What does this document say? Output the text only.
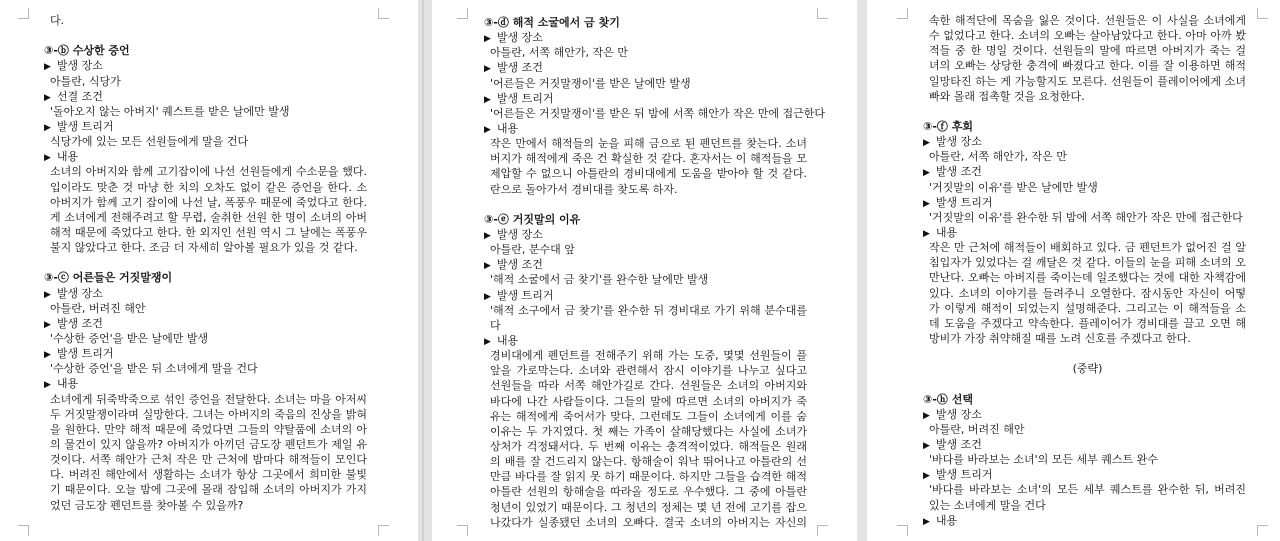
다.
③-ⓑ 수상한 증언
▶ 발생 장소
아틀란, 식당가
▶ 선결 조건
'돌아오지 않는 아버지' 퀘스트를 받은 날에만 발생
▶ 발생 트리거
식당가에 있는 모든 선원들에게 말을 건다
▶ 내용
소녀의 아버지와 함께 고기잡이에 나선 선원들에게 수소문을 했다.
입이라도 맞춘 것 마냥 한 치의 오차도 없이 같은 증언을 한다. 소
아버지가 함께 고기 잡이에 나선 날, 폭풍우 때문에 죽었다고 한다.
게 소녀에게 전해주려고 할 무렵, 술취한 선원 한 명이 소녀의 아버
해적 때문에 죽었다고 한다. 한 외지인 선원 역시 그 날에는 폭풍우
불지 않았다고 한다. 조금 더 자세히 알아볼 필요가 있을 것 같다.
③-ⓒ 어른들은 거짓말쟁이
▶ 발생 장소
아틀란, 버려진 해안
▶ 발생 조건
'수상한 증언'을 받은 날에만 발생
▶ 발생 트리거
'수상한 증언'을 받은 뒤 소녀에게 말을 건다
▶ 내용
소녀에게 뒤죽박죽으로 섞인 증언을 전달한다. 소녀는 마을 아저씨
두 거짓말쟁이라며 실망한다. 그녀는 아버지의 죽음의 진상을 밝혀
을 원한다. 만약 해적 때문에 죽었다면 그들의 약탈품에 소녀의 아
의 물건이 있지 않을까? 아버지가 아끼던 금도장 펜던트가 제일 유
것이다. 서쪽 해안가 근처 작은 만 근처에 밤마다 해적들이 모인다
다. 버려진 해안에서 생활하는 소녀가 항상 그곳에서 희미한 불빛
기 때문이다. 오늘 밤에 그곳에 몰래 잠입해 소녀의 아버지가 가지
었던 금도장 펜던트를 찾아볼 수 있을까?
③-ⓓ 해적 소굴에서 금 찾기
▶ 발생 장소
아틀란, 서쪽 해안가, 작은 만
▶ 발생 조건
'어른들은 거짓말쟁이'를 받은 날에만 발생
▶ 발생 트리거
'어른들은 거짓말쟁이'를 받은 뒤 밤에 서쪽 해안가 작은 만에 접근한다
▶ 내용
작은 만에서 해적들의 눈을 피해 금으로 된 펜던트를 찾는다. 소녀
버지가 해적에게 죽은 건 확실한 것 같다. 혼자서는 이 해적들을 모
제압할 수 없으니 아틀란의 경비대에게 도움을 받아야 할 것 같다.
란으로 돌아가서 경비대를 찾도록 하자.
③-ⓔ 거짓말의 이유
▶ 발생 장소
아틀란, 분수대 앞
▶ 발생 조건
'해적 소굴에서 금 찾기'를 완수한 날에만 발생
▶ 발생 트리거
'해적 소구에서 금 찾기'를 완수한 뒤 경비대로 가기 위해 분수대를
다
▶ 내용
경비대에게 펜던트를 전해주기 위해 가는 도중, 몇몇 선원들이 플
앞을 가로막는다. 소녀와 관련해서 잠시 이야기를 나누고 싶다고
선원들을 따라 서쪽 해안가길로 간다. 선원들은 소녀의 아버지와
바다에 나간 사람들이다. 그들의 말에 따르면 소녀의 아버지가 죽
유는 해적에게 죽어서가 맞다. 그런데도 그들이 소녀에게 이를 숨
이유는 두 가지였다. 첫 째는 가족이 살해당했다는 사실에 소녀가
상처가 걱정돼서다. 두 번째 이유는 충격적이었다. 해적들은 원래
의 배를 잘 건드리지 않는다. 항해술이 워낙 뛰어나고 아틀란의 선
만큼 바다를 잘 읽지 못 하기 때문이다. 하지만 그들을 습격한 해적
아틀란 선원의 항해술을 따라올 정도로 우수했다. 그 중에 아틀란
청년이 있었기 때문이다. 그 청년의 정체는 몇 년 전에 고기를 잡으
나갔다가 실종됐던 소녀의 오빠다. 결국 소녀의 아버지는 자신의
속한 해적단에 목숨을 잃은 것이다. 선원들은 이 사실을 소녀에게
수 없었다고 한다. 소녀의 오빠는 살아남았다고 한다. 아마 아까 봤
적들 중 한 명일 것이다. 선원들의 말에 따르면 아버지가 죽는 걸
녀의 오빠는 상당한 충격에 빠졌다고 한다. 이를 잘 이용하면 해적
일망타진 하는 게 가능할지도 모른다. 선원들이 플레이어에게 소녀
빠와 몰래 접촉할 것을 요청한다.
③-ⓕ 후회
▶ 발생 장소
아틀란, 서쪽 해안가, 작은 만
▶ 발생 조건
'거짓말의 이유'를 받은 날에만 발생
▶ 발생 트리거
'거짓말의 이유'를 완수한 뒤 밤에 서쪽 해안가 작은 만에 접근한다
▶ 내용
작은 만 근처에 해적들이 배회하고 있다. 금 펜던트가 없어진 걸 알
침입자가 있었다는 걸 깨달은 것 같다. 이들의 눈을 피해 소녀의 오
만난다. 오빠는 아버지를 죽이는데 일조했다는 것에 대한 자책감에
있다. 소녀의 이야기를 들려주니 오열한다. 잠시동안 자신이 어떻
가 이렇게 해적이 되었는지 설명해준다. 그리고는 이 해적들을 소
데 도움을 주겠다고 약속한다. 플레이어가 경비대를 끌고 오면 해
방비가 가장 취약해질 때를 노려 신호를 주겠다고 한다.
(중략)
③-ⓗ 선택
▶ 발생 장소
아틀란, 버려진 해안
▶ 발생 조건
'바다를 바라보는 소녀'의 모든 세부 퀘스트 완수
▶ 발생 트리거
'바다를 바라보는 소녀'의 모든 세부 퀘스트를 완수한 뒤, 버려진
있는 소녀에게 말을 건다
▶ 내용
